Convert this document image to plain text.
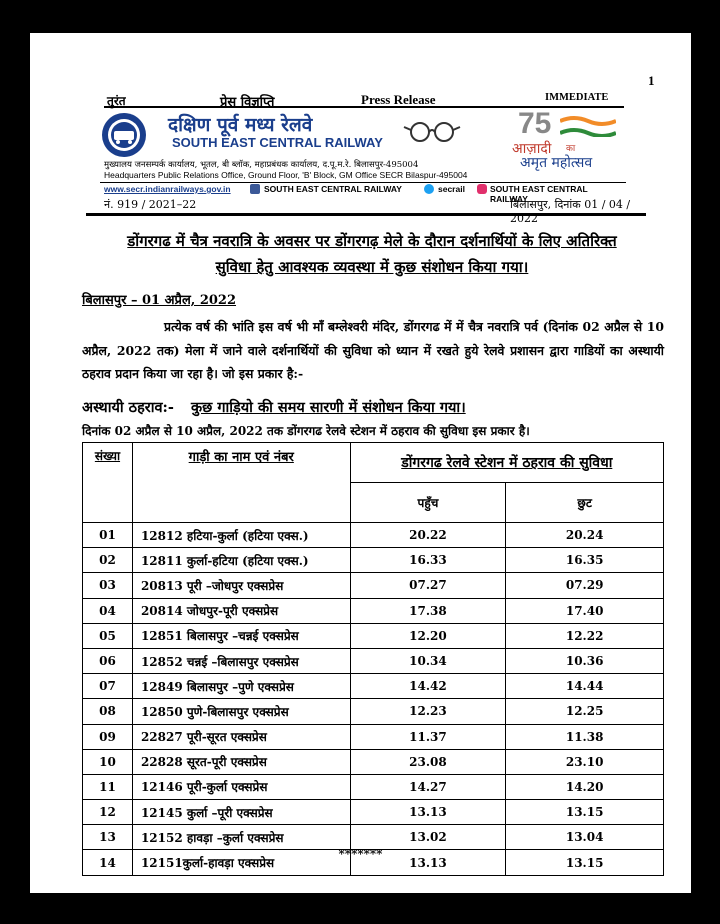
1
तुरंत	प्रेस विज्ञप्ति	Press Release	IMMEDIATE
दक्षिण पूर्व मध्य रेलवे
SOUTH EAST CENTRAL RAILWAY
75
आज़ादी का
अमृत महोत्सव
मुख्यालय जनसम्पर्क कार्यालय, भूतल, बी ब्लॉक, महाप्रबंधक कार्यालय, द.पू.म.रे. बिलासपुर-495004
Headquarters Public Relations Office, Ground Floor, 'B' Block, GM Office SECR Bilaspur-495004
www.secr.indianrailways.gov.in	SOUTH EAST CENTRAL RAILWAY	secrail	SOUTH EAST CENTRAL RAILWAY
नं. 919 / 2021–22	बिलासपुर, दिनांक 01 / 04 / 2022
डोंगरगढ में चैत्र नवरात्रि के अवसर पर डोंगरगढ़ मेले के दौरान दर्शनार्थियों के लिए अतिरिक्त
सुविधा हेतु आवश्यक व्यवस्था में कुछ संशोधन किया गया।
बिलासपुर – 01 अप्रैल, 2022
प्रत्येक वर्ष की भांति इस वर्ष भी माँ बम्लेश्वरी मंदिर, डोंगरगढ में में चैत्र नवरात्रि पर्व (दिनांक 02 अप्रैल से 10 अप्रैल, 2022 तक) मेला में जाने वाले दर्शनार्थियों की सुविधा को ध्यान में रखते हुये रेलवे प्रशासन द्वारा गाडियों का अस्थायी ठहराव प्रदान किया जा रहा है। जो इस प्रकार है:-
अस्थायी ठहराव:- कुछ गाड़ियो की समय सारणी में संशोधन किया गया।
दिनांक 02 अप्रैल से 10 अप्रैल, 2022 तक डोंगरगढ रेलवे स्टेशन में ठहराव की सुविधा इस प्रकार है।
संख्या	गाड़ी का नाम एवं नंबर	डोंगरगढ रेलवे स्टेशन में ठहराव की सुविधा	
		पहुँच	छुट
01	12812 हटिया-कुर्ला (हटिया एक्स.)	20.22	20.24
02	12811 कुर्ला-हटिया (हटिया एक्स.)	16.33	16.35
03	20813 पूरी –जोधपुर एक्सप्रेस	07.27	07.29
04	20814 जोधपुर-पूरी एक्सप्रेस	17.38	17.40
05	12851 बिलासपुर –चन्नई एक्सप्रेस	12.20	12.22
06	12852 चन्नई –बिलासपुर एक्सप्रेस	10.34	10.36
07	12849 बिलासपुर –पुणे एक्सप्रेस	14.42	14.44
08	12850 पुणे-बिलासपुर एक्सप्रेस	12.23	12.25
09	22827 पूरी-सूरत एक्सप्रेस	11.37	11.38
10	22828 सूरत-पूरी एक्सप्रेस	23.08	23.10
11	12146 पूरी-कुर्ला एक्सप्रेस	14.27	14.20
12	12145 कुर्ला –पूरी एक्सप्रेस	13.13	13.15
13	12152 हावड़ा –कुर्ला एक्सप्रेस	13.02	13.04
14	12151कुर्ला-हावड़ा एक्सप्रेस	13.13	13.15
*******
